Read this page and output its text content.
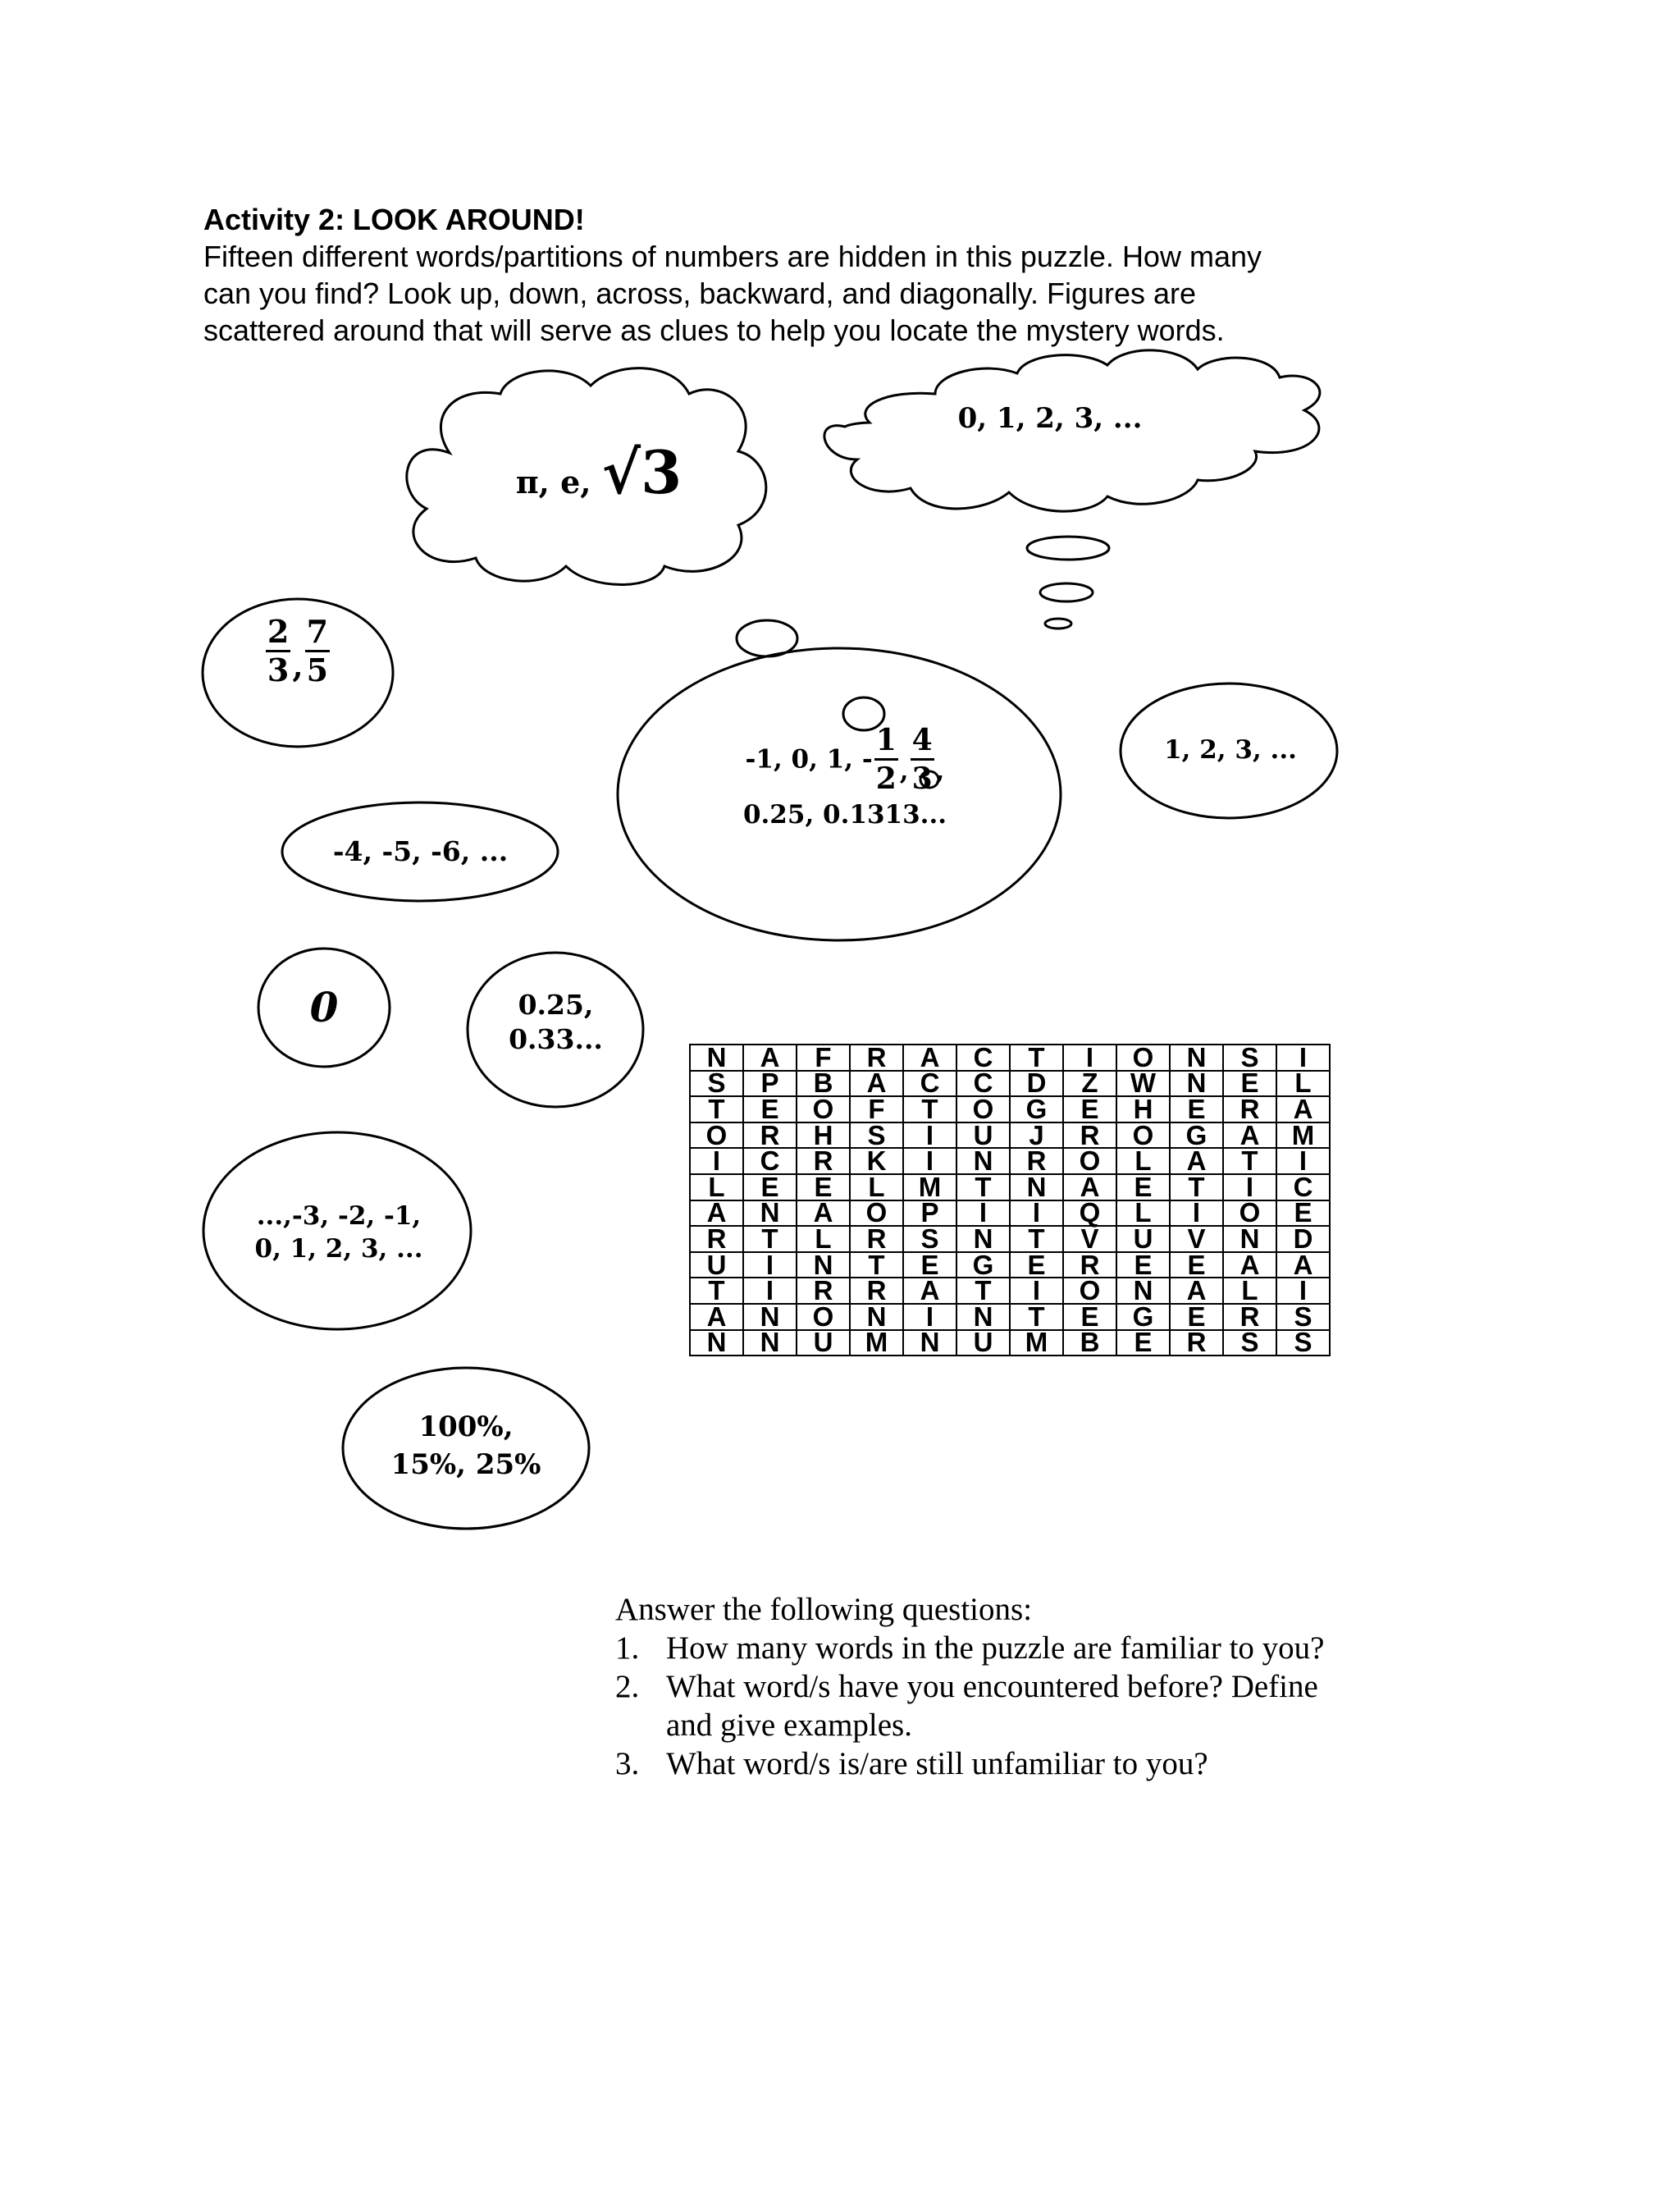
Activity 2: LOOK AROUND!
Fifteen different words/partitions of numbers are hidden in this puzzle. How many
can you find? Look up, down, across, backward, and diagonally. Figures are
scattered around that will serve as clues to help you locate the mystery words.
π, e, √3
0, 1, 2, 3, ...
$\frac{2}{3}$ , $\frac{7}{5}$
-1, 0, 1, - $\frac{1}{2}$ , $\frac{4}{3}$ ,
0.25, 0.1313...
1, 2, 3, ...
-4, -5, -6, ...
0	0.25,
0.33...
...,-3, -2, -1,
0, 1, 2, 3, ...
100%,
15%, 25%
N	A	F	R	A	C	T	I	O	N	S	I
S	P	B	A	C	C	D	Z	W	N	E	L
T	E	O	F	T	O	G	E	H	E	R	A
O	R	H	S	I	U	J	R	O	G	A	M
I	C	R	K	I	N	R	O	L	A	T	I
L	E	E	L	M	T	N	A	E	T	I	C
A	N	A	O	P	I	I	Q	L	I	O	E
R	T	L	R	S	N	T	V	U	V	N	D
U	I	N	T	E	G	E	R	E	E	A	A
T	I	R	R	A	T	I	O	N	A	L	I
A	N	O	N	I	N	T	E	G	E	R	S
N	N	U	M	N	U	M	B	E	R	S	S
Answer the following questions:
1. How many words in the puzzle are familiar to you?
2. What word/s have you encountered before? Define
and give examples.
3. What word/s is/are still unfamiliar to you?
